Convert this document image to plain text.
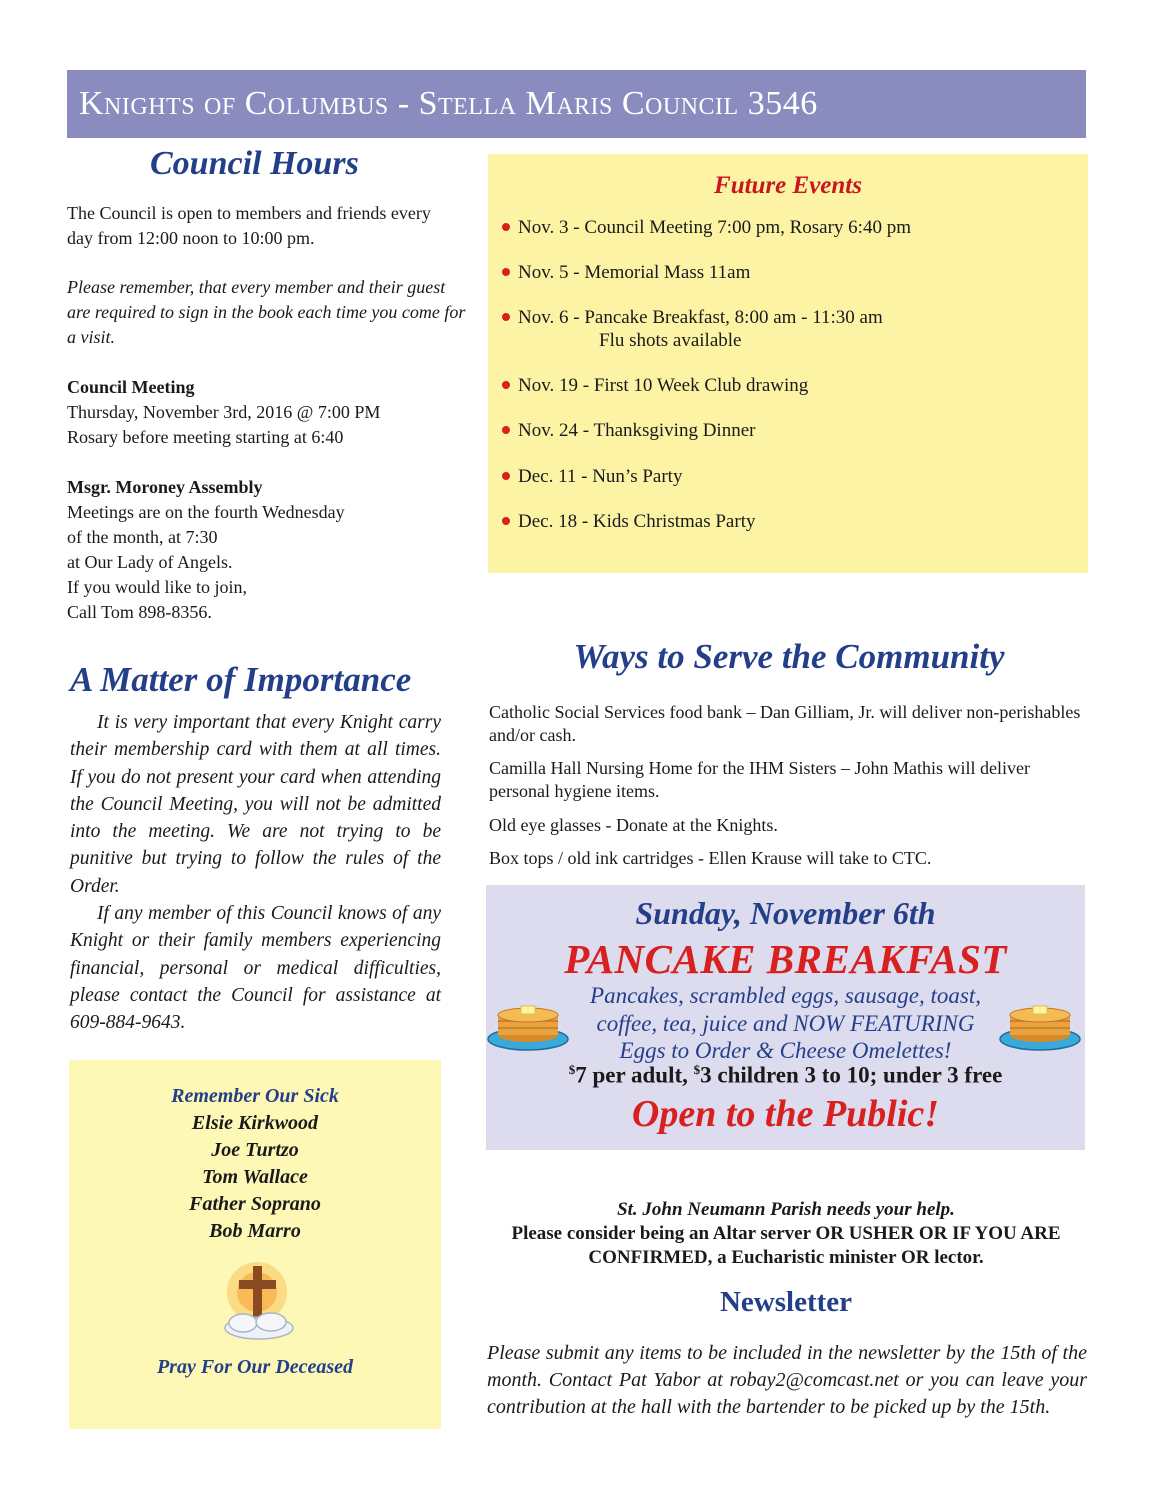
Knights of Columbus - Stella Maris Council 3546
Council Hours

The Council is open to members and friends every day from 12:00 noon to 10:00 pm.

Please remember, that every member and their guest are required to sign in the book each time you come for a visit.

Council Meeting
Thursday, November 3rd, 2016 @ 7:00 PM
Rosary before meeting starting at 6:40
Msgr. Moroney Assembly
Meetings are on the fourth Wednesday
of the month, at 7:30
at Our Lady of Angels.
If you would like to join,
Call Tom 898-8356.
A Matter of Importance

It is very important that every Knight carry their membership card with them at all times. If you do not present your card when attending the Council Meeting, you will not be admitted into the meeting. We are not trying to be punitive but trying to follow the rules of the Order.

If any member of this Council knows of any Knight or their family members experiencing financial, personal or medical difficulties, please contact the Council for assistance at 609-884-9643.

Remember Our Sick
Elsie Kirkwood
Joe Turtzo
Tom Wallace
Father Soprano
Bob Marro
Pray For Our Deceased
Future Events
Nov. 3 - Council Meeting 7:00 pm, Rosary 6:40 pm
Nov. 5 - Memorial Mass 11am
Nov. 6 - Pancake Breakfast, 8:00 am - 11:30 am
Flu shots available
Nov. 19 - First 10 Week Club drawing
Nov. 24 - Thanksgiving Dinner
Dec. 11 - Nun’s Party
Dec. 18 - Kids Christmas Party
Ways to Serve the Community

Catholic Social Services food bank – Dan Gilliam, Jr. will deliver non-perishables and/or cash.

Camilla Hall Nursing Home for the IHM Sisters – John Mathis will deliver personal hygiene items.

Old eye glasses - Donate at the Knights.

Box tops / old ink cartridges - Ellen Krause will take to CTC.

Sunday, November 6th
PANCAKE BREAKFAST
Pancakes, scrambled eggs, sausage, toast,
coffee, tea, juice and NOW FEATURING
Eggs to Order & Cheese Omelettes!
$7 per adult, $3 children 3 to 10; under 3 free
Open to the Public!
St. John Neumann Parish needs your help.
Please consider being an Altar server OR USHER OR IF YOU ARE CONFIRMED, a Eucharistic minister OR lector.
Newsletter

Please submit any items to be included in the newsletter by the 15th of the month. Contact Pat Yabor at robay2@comcast.net or you can leave your contribution at the hall with the bartender to be picked up by the 15th.
